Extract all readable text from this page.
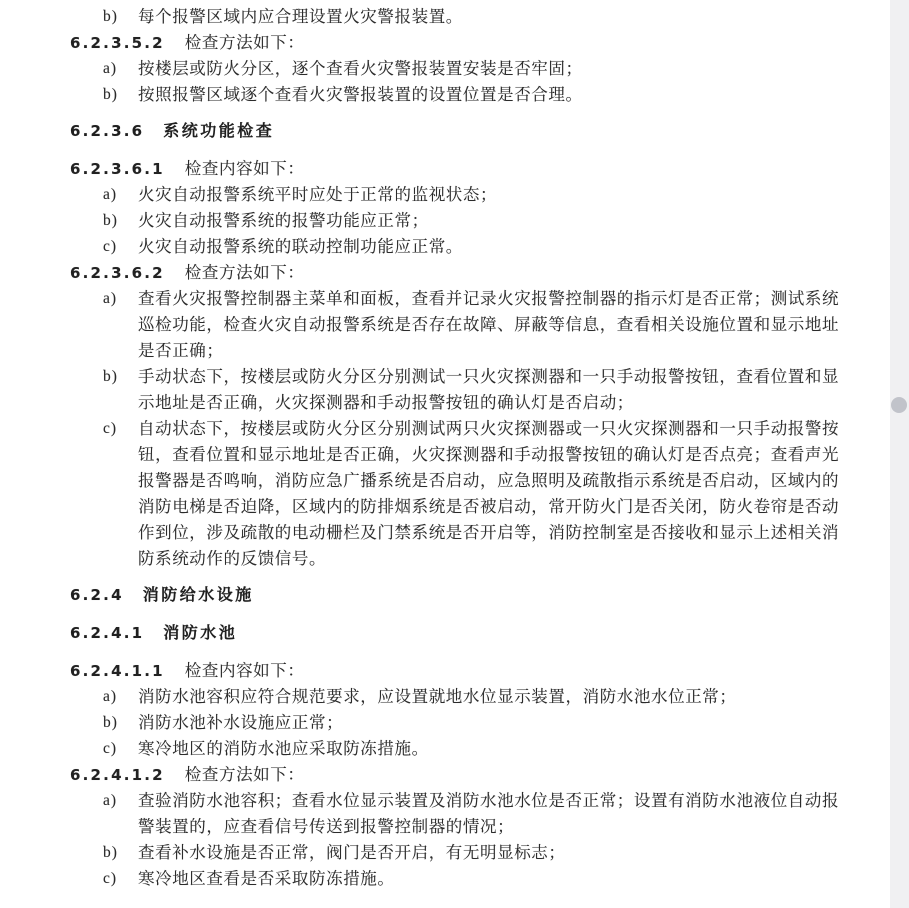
b)	每个报警区域内应合理设置火灾警报装置。
6.2.3.5.2 检查方法如下：
a)	按楼层或防火分区，逐个查看火灾警报装置安装是否牢固；
b)	按照报警区域逐个查看火灾警报装置的设置位置是否合理。
6.2.3.6 系统功能检查
6.2.3.6.1 检查内容如下：
a)	火灾自动报警系统平时应处于正常的监视状态；
b)	火灾自动报警系统的报警功能应正常；
c)	火灾自动报警系统的联动控制功能应正常。
6.2.3.6.2 检查方法如下：
a)	查看火灾报警控制器主菜单和面板，查看并记录火灾报警控制器的指示灯是否正常；测试系统巡检功能，检查火灾自动报警系统是否存在故障、屏蔽等信息，查看相关设施位置和显示地址是否正确；
b)	手动状态下，按楼层或防火分区分别测试一只火灾探测器和一只手动报警按钮，查看位置和显示地址是否正确，火灾探测器和手动报警按钮的确认灯是否启动；
c)	自动状态下，按楼层或防火分区分别测试两只火灾探测器或一只火灾探测器和一只手动报警按钮，查看位置和显示地址是否正确，火灾探测器和手动报警按钮的确认灯是否点亮；查看声光报警器是否鸣响，消防应急广播系统是否启动，应急照明及疏散指示系统是否启动，区域内的消防电梯是否迫降，区域内的防排烟系统是否被启动，常开防火门是否关闭，防火卷帘是否动作到位，涉及疏散的电动栅栏及门禁系统是否开启等，消防控制室是否接收和显示上述相关消防系统动作的反馈信号。
6.2.4 消防给水设施
6.2.4.1 消防水池
6.2.4.1.1 检查内容如下：
a)	消防水池容积应符合规范要求，应设置就地水位显示装置，消防水池水位正常；
b)	消防水池补水设施应正常；
c)	寒冷地区的消防水池应采取防冻措施。
6.2.4.1.2 检查方法如下：
a)	查验消防水池容积；查看水位显示装置及消防水池水位是否正常；设置有消防水池液位自动报警装置的，应查看信号传送到报警控制器的情况；
b)	查看补水设施是否正常，阀门是否开启，有无明显标志；
c)	寒冷地区查看是否采取防冻措施。
